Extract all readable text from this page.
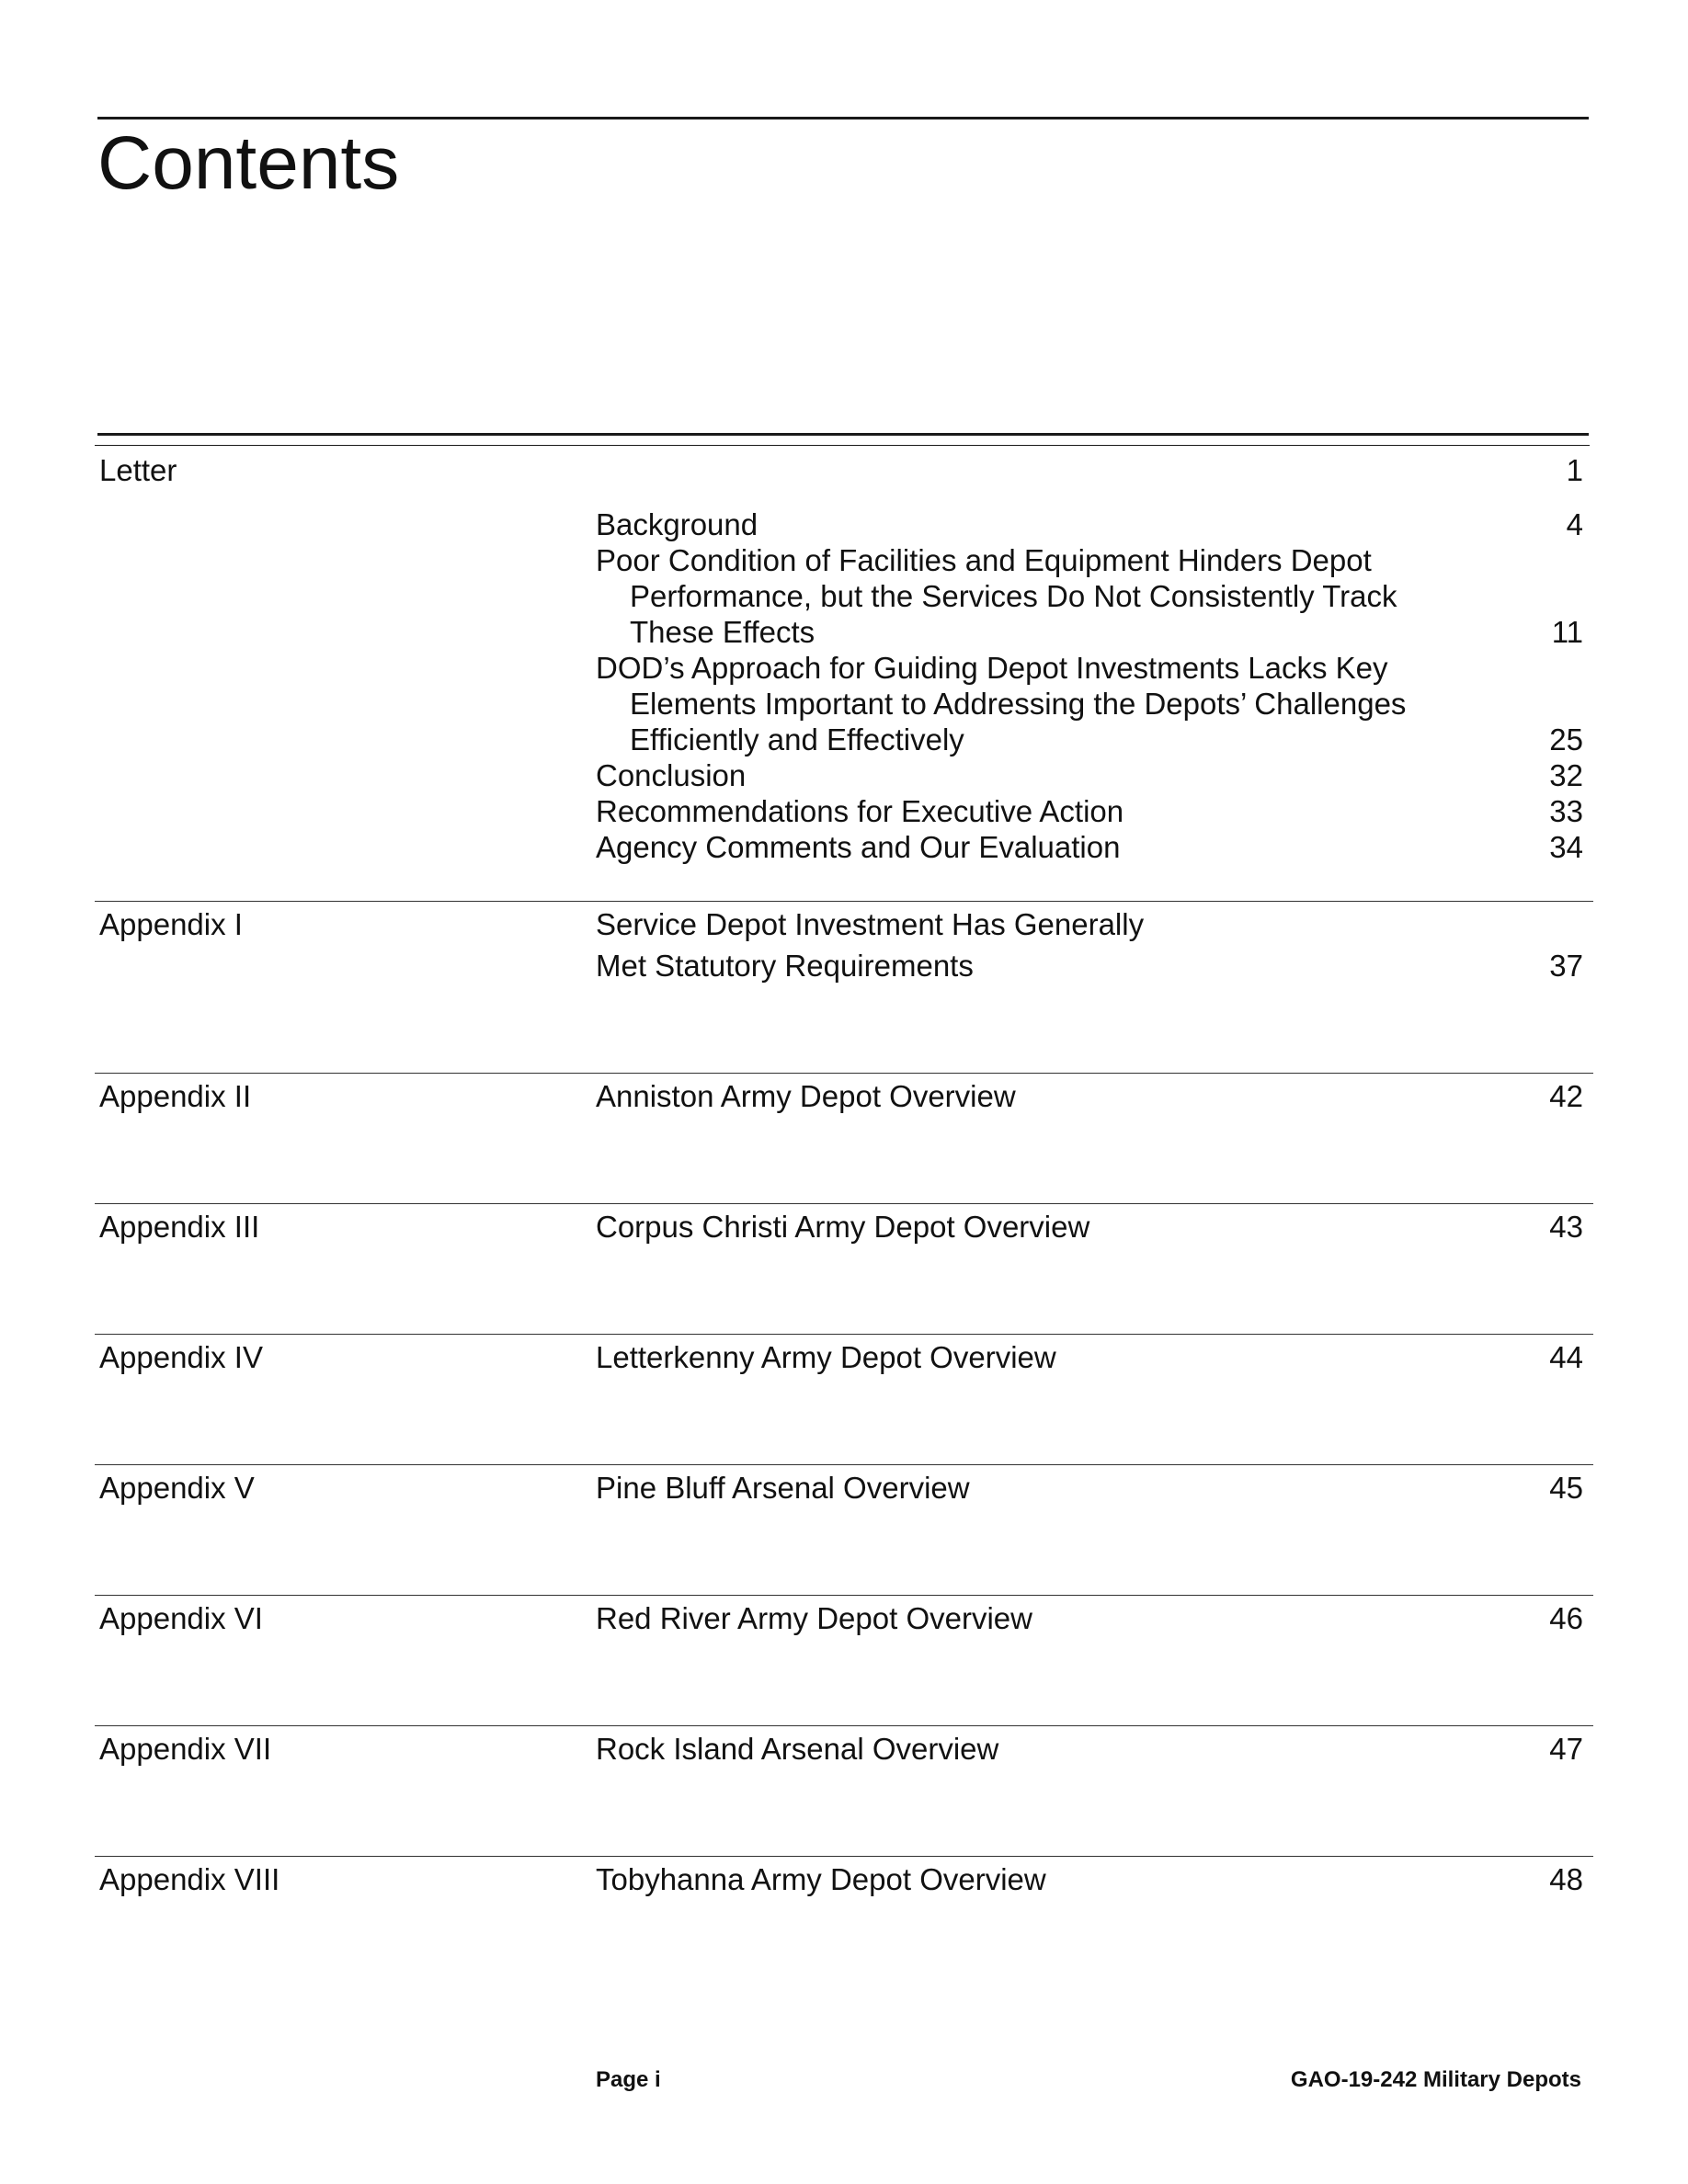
Contents
Letter	1
Background	4
Poor Condition of Facilities and Equipment Hinders Depot
Performance, but the Services Do Not Consistently Track
These Effects	11
DOD’s Approach for Guiding Depot Investments Lacks Key
Elements Important to Addressing the Depots’ Challenges
Efficiently and Effectively	25
Conclusion	32
Recommendations for Executive Action	33
Agency Comments and Our Evaluation	34
Appendix I	Service Depot Investment Has Generally
Met Statutory Requirements	37
Appendix II	Anniston Army Depot Overview	42
Appendix III	Corpus Christi Army Depot Overview	43
Appendix IV	Letterkenny Army Depot Overview	44
Appendix V	Pine Bluff Arsenal Overview	45
Appendix VI	Red River Army Depot Overview	46
Appendix VII	Rock Island Arsenal Overview	47
Appendix VIII	Tobyhanna Army Depot Overview	48
Page i	GAO-19-242 Military Depots
